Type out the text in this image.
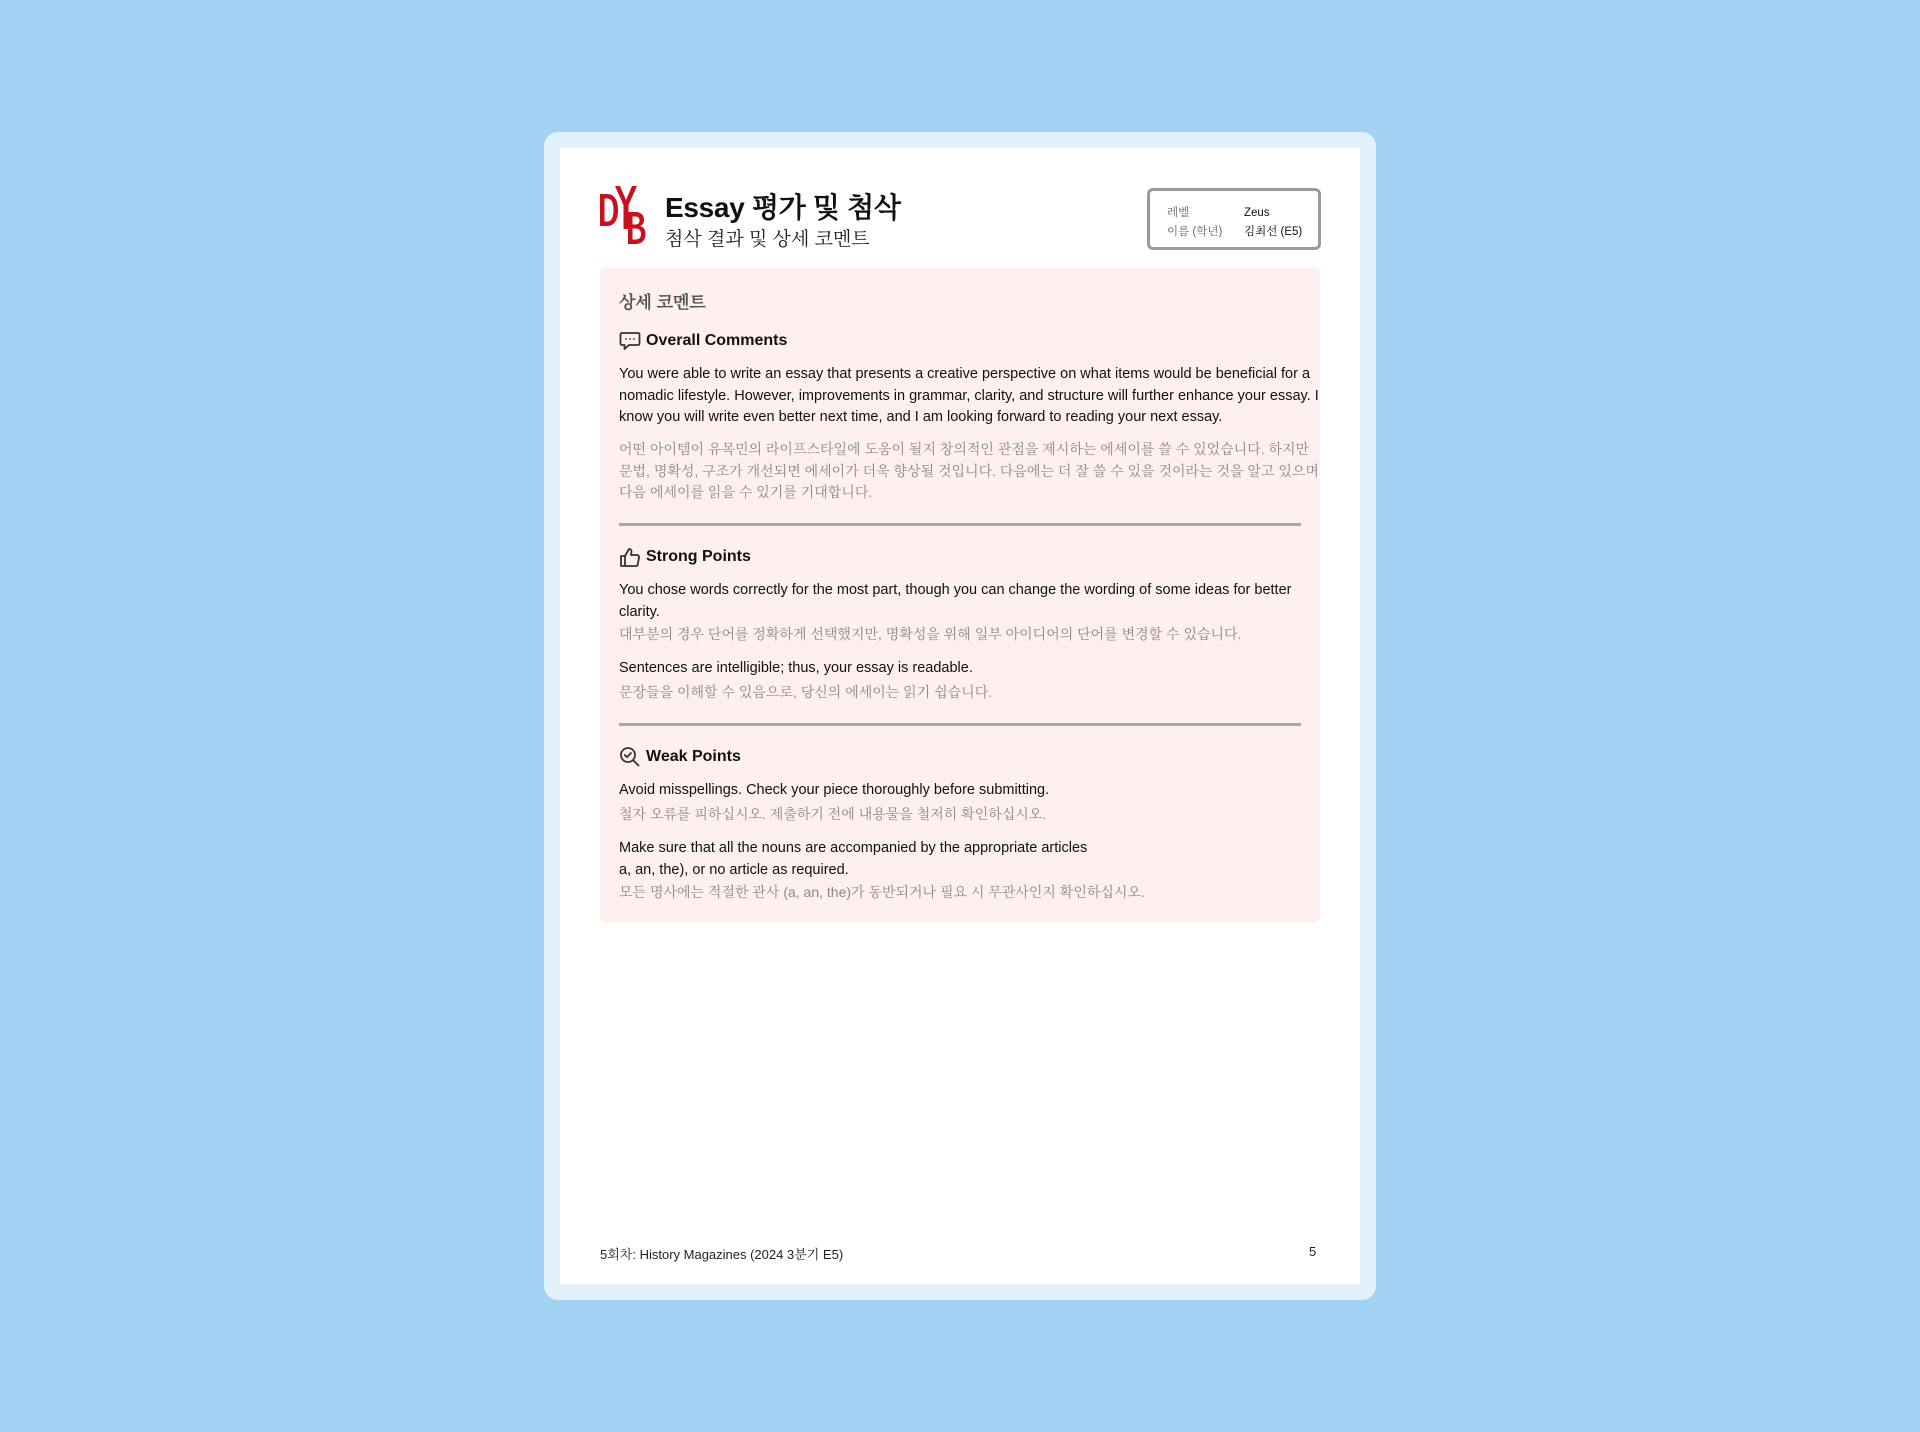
Essay 평가 및 첨삭
첨삭 결과 및 상세 코멘트
레벨	Zeus
이름 (학년) 김최선 (E5)
상세 코멘트
Overall Comments
You were able to write an essay that presents a creative perspective on what items would be beneficial for a nomadic lifestyle. However, improvements in grammar, clarity, and structure will further enhance your essay. I know you will write even better next time, and I am looking forward to reading your next essay.
어떤 아이템이 유목민의 라이프스타일에 도움이 될지 창의적인 관점을 제시하는 에세이를 쓸 수 있었습니다. 하지만 문법, 명확성, 구조가 개선되면 에세이가 더욱 향상될 것입니다. 다음에는 더 잘 쓸 수 있을 것이라는 것을 알고 있으며 다음 에세이를 읽을 수 있기를 기대합니다.
Strong Points
You chose words correctly for the most part, though you can change the wording of some ideas for better clarity.
대부분의 경우 단어를 정확하게 선택했지만, 명확성을 위해 일부 아이디어의 단어를 변경할 수 있습니다.
Sentences are intelligible; thus, your essay is readable.
문장들을 이해할 수 있음으로, 당신의 에세이는 읽기 쉽습니다.
Weak Points
Avoid misspellings. Check your piece thoroughly before submitting.
철자 오류를 피하십시오. 제출하기 전에 내용물을 철저히 확인하십시오.
Make sure that all the nouns are accompanied by the appropriate articles
a, an, the), or no article as required.
모든 명사에는 적절한 관사 (a, an, the)가 동반되거나 필요 시 무관사인지 확인하십시오.
5회차: History Magazines (2024 3분기 E5)	5
